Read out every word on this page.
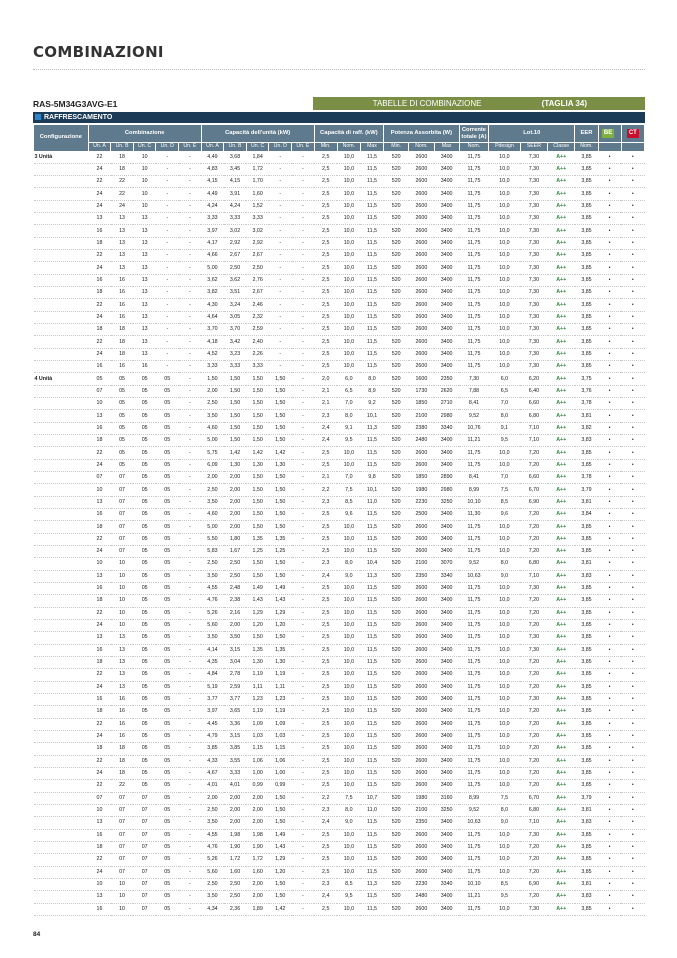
COMBINAZIONI
RAS-5M34G3AVG-E1	TABELLE DI COMBINAZIONE	(TAGLIA 34)
RAFFRESCAMENTO
Configurazione	Combinazione					Capacità dell'unità (kW)					Capacità di raff. (kW)			Potenza Assorbita (W)			Corrente totale (A)	Lot.10			EER	BE	CT
	Un. A	Un. B	Un. C	Un. D	Un. E	Un. A	Un. B	Un. C	Un. D	Un. E	Min.	Nom.	Max	Min.	Nom.	Max	Nom.	Pdesign	SEER	Classe	Nom.		
3 Unità	22	18	10	-	-	4,49	3,68	1,84	-	-	2,5	10,0	11,5	520	2600	3400	11,75	10,0	7,30	A++	3,85	•	•
	24	18	10	-	-	4,83	3,45	1,72	-	-	2,5	10,0	11,5	520	2600	3400	11,75	10,0	7,30	A++	3,85	•	•
	22	22	10	-	-	4,15	4,15	1,70	-	-	2,5	10,0	11,5	520	2600	3400	11,75	10,0	7,30	A++	3,85	•	•
	24	22	10	-	-	4,49	3,91	1,60	-	-	2,5	10,0	11,5	520	2600	3400	11,75	10,0	7,30	A++	3,85	•	•
	24	24	10	-	-	4,24	4,24	1,52	-	-	2,5	10,0	11,5	520	2600	3400	11,75	10,0	7,30	A++	3,85	•	•
	13	13	13	-	-	3,33	3,33	3,33	-	-	2,5	10,0	11,5	520	2600	3400	11,75	10,0	7,30	A++	3,85	•	•
	16	13	13	-	-	3,97	3,02	3,02	-	-	2,5	10,0	11,5	520	2600	3400	11,75	10,0	7,30	A++	3,85	•	•
	18	13	13	-	-	4,17	2,92	2,92	-	-	2,5	10,0	11,5	520	2600	3400	11,75	10,0	7,30	A++	3,85	•	•
	22	13	13	-	-	4,66	2,67	2,67	-	-	2,5	10,0	11,5	520	2600	3400	11,75	10,0	7,30	A++	3,85	•	•
	24	13	13	-	-	5,00	2,50	2,50	-	-	2,5	10,0	11,5	520	2600	3400	11,75	10,0	7,30	A++	3,85	•	•
	16	16	13	-	-	3,62	3,62	2,76	-	-	2,5	10,0	11,5	520	2600	3400	11,75	10,0	7,30	A++	3,85	•	•
	18	16	13	-	-	3,82	3,51	2,67	-	-	2,5	10,0	11,5	520	2600	3400	11,75	10,0	7,30	A++	3,85	•	•
	22	16	13	-	-	4,30	3,24	2,46	-	-	2,5	10,0	11,5	520	2600	3400	11,75	10,0	7,30	A++	3,85	•	•
	24	16	13	-	-	4,64	3,05	2,32	-	-	2,5	10,0	11,5	520	2600	3400	11,75	10,0	7,30	A++	3,85	•	•
	18	18	13	-	-	3,70	3,70	2,59	-	-	2,5	10,0	11,5	520	2600	3400	11,75	10,0	7,30	A++	3,85	•	•
	22	18	13	-	-	4,18	3,42	2,40	-	-	2,5	10,0	11,5	520	2600	3400	11,75	10,0	7,30	A++	3,85	•	•
	24	18	13	-	-	4,52	3,23	2,26	-	-	2,5	10,0	11,5	520	2600	3400	11,75	10,0	7,30	A++	3,85	•	•
	16	16	16	-	-	3,33	3,33	3,33	-	-	2,5	10,0	11,5	520	2600	3400	11,75	10,0	7,30	A++	3,85	•	•
4 Unità	05	05	05	05	-	1,50	1,50	1,50	1,50	-	2,0	6,0	8,0	520	1600	2350	7,30	6,0	6,20	A++	3,75	•	•
	07	05	05	05	-	2,00	1,50	1,50	1,50	-	2,1	6,5	8,9	520	1730	2620	7,88	6,5	6,40	A++	3,76	•	•
	10	05	05	05	-	2,50	1,50	1,50	1,50	-	2,1	7,0	9,2	520	1850	2710	8,41	7,0	6,60	A++	3,78	•	•
	13	05	05	05	-	3,50	1,50	1,50	1,50	-	2,3	8,0	10,1	520	2100	2980	9,52	8,0	6,80	A++	3,81	•	•
	16	05	05	05	-	4,60	1,50	1,50	1,50	-	2,4	9,1	11,3	520	2380	3340	10,76	9,1	7,10	A++	3,82	•	•
	18	05	05	05	-	5,00	1,50	1,50	1,50	-	2,4	9,5	11,5	520	2480	3400	11,21	9,5	7,10	A++	3,83	•	•
	22	05	05	05	-	5,75	1,42	1,42	1,42	-	2,5	10,0	11,5	520	2600	3400	11,75	10,0	7,20	A++	3,85	•	•
	24	05	05	05	-	6,09	1,30	1,30	1,30	-	2,5	10,0	11,5	520	2600	3400	11,75	10,0	7,20	A++	3,85	•	•
	07	07	05	05	-	2,00	2,00	1,50	1,50	-	2,1	7,0	9,8	520	1850	2890	8,41	7,0	6,60	A++	3,78	•	•
	10	07	05	05	-	2,50	2,00	1,50	1,50	-	2,2	7,5	10,1	520	1980	2980	8,99	7,5	6,70	A++	3,79	•	•
	13	07	05	05	-	3,50	2,00	1,50	1,50	-	2,3	8,5	11,0	520	2230	3250	10,10	8,5	6,90	A++	3,81	•	•
	16	07	05	05	-	4,60	2,00	1,50	1,50	-	2,5	9,6	11,5	520	2500	3400	11,30	9,6	7,20	A++	3,84	•	•
	18	07	05	05	-	5,00	2,00	1,50	1,50	-	2,5	10,0	11,5	520	2600	3400	11,75	10,0	7,20	A++	3,85	•	•
	22	07	05	05	-	5,50	1,80	1,35	1,35	-	2,5	10,0	11,5	520	2600	3400	11,75	10,0	7,20	A++	3,85	•	•
	24	07	05	05	-	5,83	1,67	1,25	1,25	-	2,5	10,0	11,5	520	2600	3400	11,75	10,0	7,20	A++	3,85	•	•
	10	10	05	05	-	2,50	2,50	1,50	1,50	-	2,3	8,0	10,4	520	2100	3070	9,52	8,0	6,80	A++	3,81	•	•
	13	10	05	05	-	3,50	2,50	1,50	1,50	-	2,4	9,0	11,3	520	2350	3340	10,63	9,0	7,10	A++	3,83	•	•
	16	10	05	05	-	4,55	2,48	1,49	1,49	-	2,5	10,0	11,5	520	2600	3400	11,75	10,0	7,30	A++	3,85	•	•
	18	10	05	05	-	4,76	2,38	1,43	1,43	-	2,5	10,0	11,5	520	2600	3400	11,75	10,0	7,20	A++	3,85	•	•
	22	10	05	05	-	5,26	2,16	1,29	1,29	-	2,5	10,0	11,5	520	2600	3400	11,75	10,0	7,20	A++	3,85	•	•
	24	10	05	05	-	5,60	2,00	1,20	1,20	-	2,5	10,0	11,5	520	2600	3400	11,75	10,0	7,20	A++	3,85	•	•
	13	13	05	05	-	3,50	3,50	1,50	1,50	-	2,5	10,0	11,5	520	2600	3400	11,75	10,0	7,30	A++	3,85	•	•
	16	13	05	05	-	4,14	3,15	1,35	1,35	-	2,5	10,0	11,5	520	2600	3400	11,75	10,0	7,30	A++	3,85	•	•
	18	13	05	05	-	4,35	3,04	1,30	1,30	-	2,5	10,0	11,5	520	2600	3400	11,75	10,0	7,20	A++	3,85	•	•
	22	13	05	05	-	4,84	2,78	1,19	1,19	-	2,5	10,0	11,5	520	2600	3400	11,75	10,0	7,20	A++	3,85	•	•
	24	13	05	05	-	5,19	2,59	1,11	1,11	-	2,5	10,0	11,5	520	2600	3400	11,75	10,0	7,20	A++	3,85	•	•
	16	16	05	05	-	3,77	3,77	1,23	1,23	-	2,5	10,0	11,5	520	2600	3400	11,75	10,0	7,30	A++	3,85	•	•
	18	16	05	05	-	3,97	3,65	1,19	1,19	-	2,5	10,0	11,5	520	2600	3400	11,75	10,0	7,20	A++	3,85	•	•
	22	16	05	05	-	4,45	3,36	1,09	1,09	-	2,5	10,0	11,5	520	2600	3400	11,75	10,0	7,20	A++	3,85	•	•
	24	16	05	05	-	4,79	3,15	1,03	1,03	-	2,5	10,0	11,5	520	2600	3400	11,75	10,0	7,20	A++	3,85	•	•
	18	18	05	05	-	3,85	3,85	1,15	1,15	-	2,5	10,0	11,5	520	2600	3400	11,75	10,0	7,20	A++	3,85	•	•
	22	18	05	05	-	4,33	3,55	1,06	1,06	-	2,5	10,0	11,5	520	2600	3400	11,75	10,0	7,20	A++	3,85	•	•
	24	18	05	05	-	4,67	3,33	1,00	1,00	-	2,5	10,0	11,5	520	2600	3400	11,75	10,0	7,20	A++	3,85	•	•
	22	22	05	05	-	4,01	4,01	0,99	0,99	-	2,5	10,0	11,5	520	2600	3400	11,75	10,0	7,20	A++	3,85	•	•
	07	07	07	05	-	2,00	2,00	2,00	1,50	-	2,2	7,5	10,7	520	1980	3160	8,99	7,5	6,70	A++	3,79	•	•
	10	07	07	05	-	2,50	2,00	2,00	1,50	-	2,3	8,0	11,0	520	2100	3250	9,52	8,0	6,80	A++	3,81	•	•
	13	07	07	05	-	3,50	2,00	2,00	1,50	-	2,4	9,0	11,5	520	2350	3400	10,63	9,0	7,10	A++	3,83	•	•
	16	07	07	05	-	4,55	1,98	1,98	1,49	-	2,5	10,0	11,5	520	2600	3400	11,75	10,0	7,30	A++	3,85	•	•
	18	07	07	05	-	4,76	1,90	1,90	1,43	-	2,5	10,0	11,5	520	2600	3400	11,75	10,0	7,20	A++	3,85	•	•
	22	07	07	05	-	5,26	1,72	1,72	1,29	-	2,5	10,0	11,5	520	2600	3400	11,75	10,0	7,20	A++	3,85	•	•
	24	07	07	05	-	5,60	1,60	1,60	1,20	-	2,5	10,0	11,5	520	2600	3400	11,75	10,0	7,20	A++	3,85	•	•
	10	10	07	05	-	2,50	2,50	2,00	1,50	-	2,3	8,5	11,3	520	2230	3340	10,10	8,5	6,90	A++	3,81	•	•
	13	10	07	05	-	3,50	2,50	2,00	1,50	-	2,4	9,5	11,5	520	2480	3400	11,21	9,5	7,20	A++	3,83	•	•
	16	10	07	05	-	4,34	2,36	1,89	1,42	-	2,5	10,0	11,5	520	2600	3400	11,75	10,0	7,30	A++	3,85	•	•
84
